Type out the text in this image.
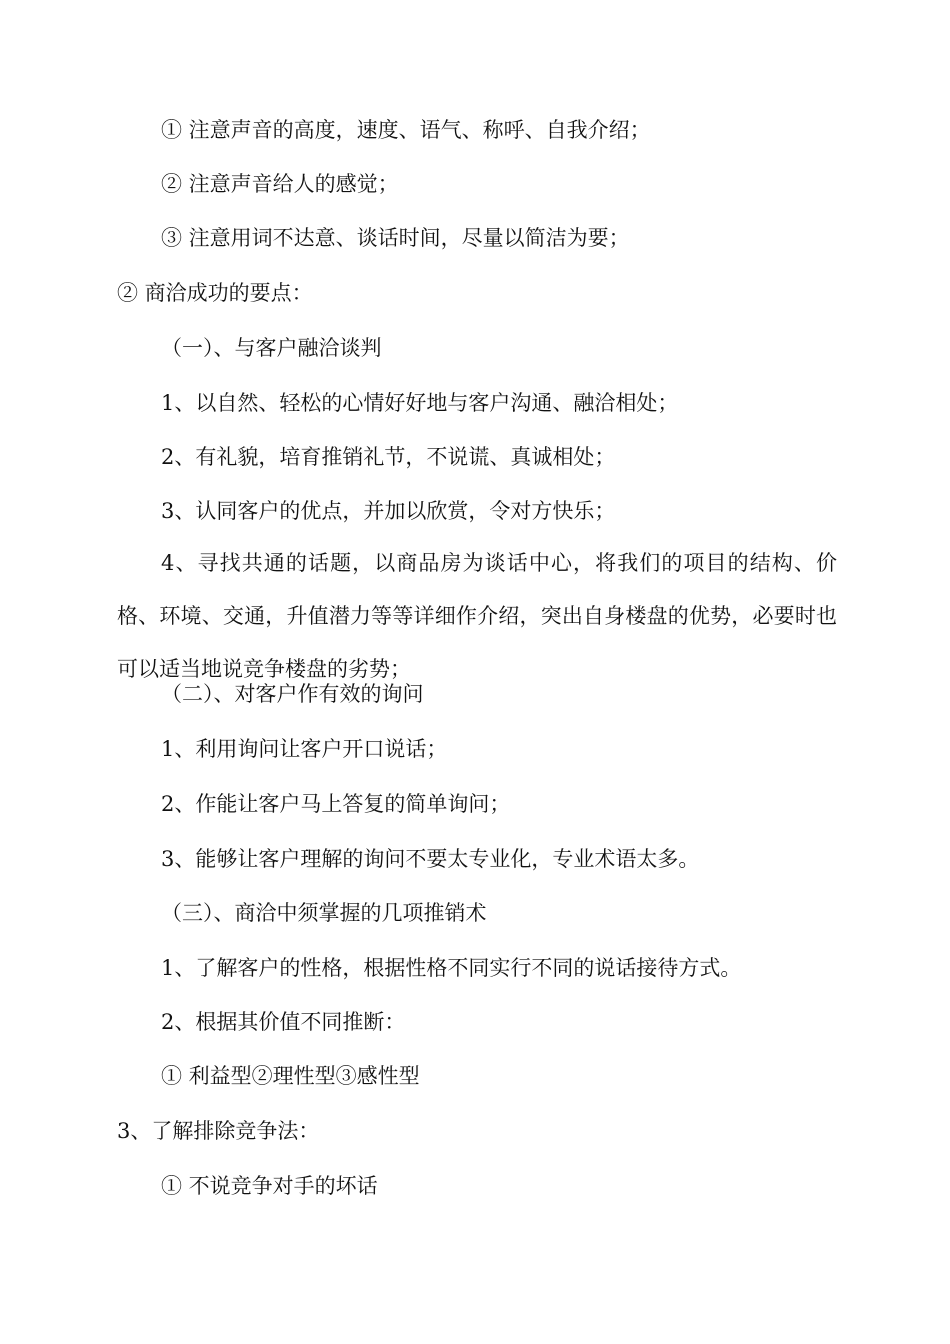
① 注意声音的高度，速度、语气、称呼、自我介绍；
② 注意声音给人的感觉；
③ 注意用词不达意、谈话时间，尽量以简洁为要；
② 商洽成功的要点：
（一）、与客户融洽谈判
1、以自然、轻松的心情好好地与客户沟通、融洽相处；
2、有礼貌，培育推销礼节，不说谎、真诚相处；
3、认同客户的优点，并加以欣赏，令对方快乐；
4、寻找共通的话题，以商品房为谈话中心，将我们的项目的结构、价格、环境、交通，升值潜力等等详细作介绍，突出自身楼盘的优势，必要时也可以适当地说竞争楼盘的劣势；
（二）、对客户作有效的询问
1、利用询问让客户开口说话；
2、作能让客户马上答复的简单询问；
3、能够让客户理解的询问不要太专业化，专业术语太多。
（三）、商洽中须掌握的几项推销术
1、了解客户的性格，根据性格不同实行不同的说话接待方式。
2、根据其价值不同推断：
① 利益型②理性型③感性型
3、了解排除竞争法：
① 不说竞争对手的坏话
